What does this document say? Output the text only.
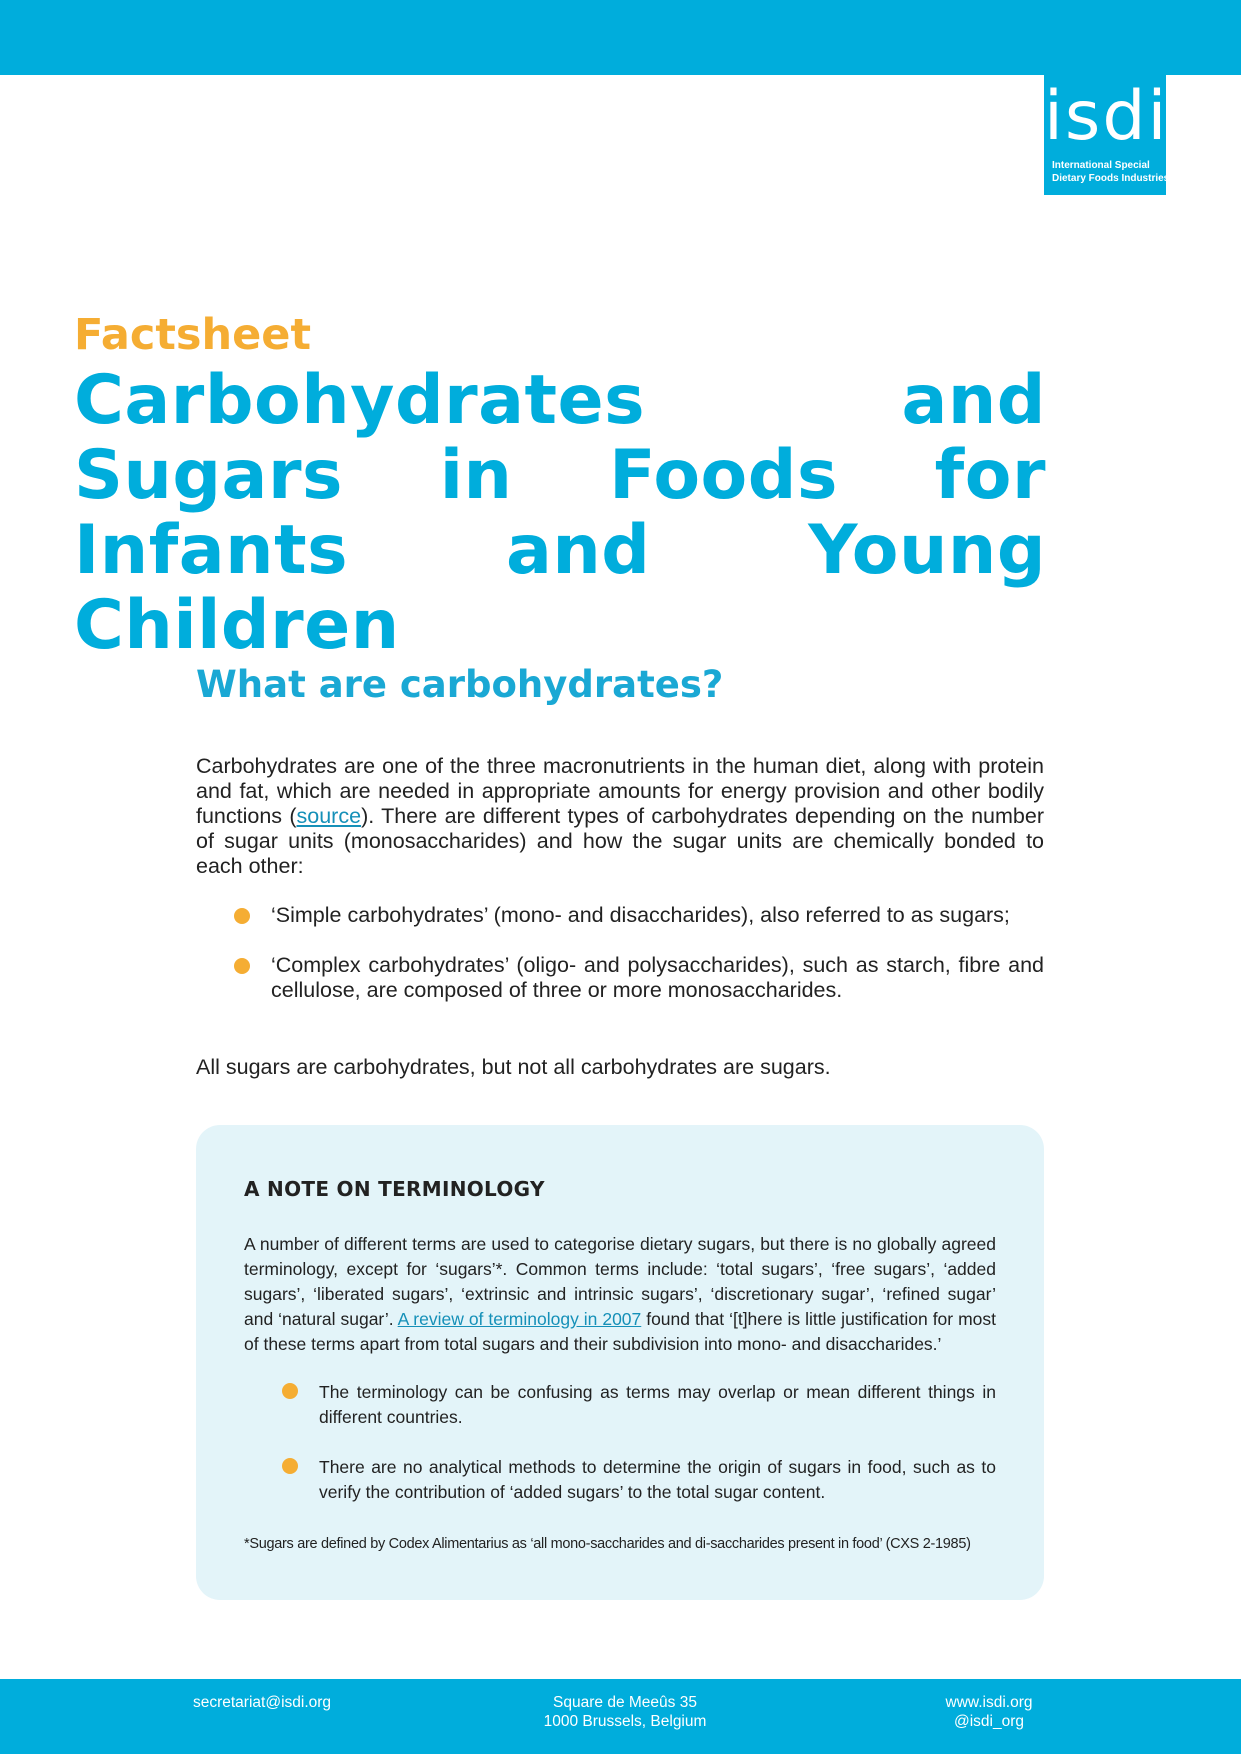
isdi
International Special
Dietary Foods Industries

Factsheet

Carbohydrates and Sugars in Foods for Infants and Young Children
What are carbohydrates?

Carbohydrates are one of the three macronutrients in the human diet, along with protein and fat, which are needed in appropriate amounts for energy provision and other bodily functions (source). There are different types of carbohydrates depending on the number of sugar units (monosaccharides) and how the sugar units are chemically bonded to each other:

‘Simple carbohydrates’ (mono- and disaccharides), also referred to as sugars;
‘Complex carbohydrates’ (oligo- and polysaccharides), such as starch, fibre and cellulose, are composed of three or more monosaccharides.

All sugars are carbohydrates, but not all carbohydrates are sugars.

A NOTE ON TERMINOLOGY

A number of different terms are used to categorise dietary sugars, but there is no globally agreed terminology, except for ‘sugars’*. Common terms include: ‘total sugars’, ‘free sugars’, ‘added sugars’, ‘liberated sugars’, ‘extrinsic and intrinsic sugars’, ‘discretionary sugar’, ‘refined sugar’ and ‘natural sugar’. A review of terminology in 2007 found that ‘[t]here is little justification for most of these terms apart from total sugars and their subdivision into mono- and disaccharides.’

The terminology can be confusing as terms may overlap or mean different things in different countries.
There are no analytical methods to determine the origin of sugars in food, such as to verify the contribution of ‘added sugars’ to the total sugar content.

*Sugars are defined by Codex Alimentarius as ‘all mono-saccharides and di-saccharides present in food’ (CXS 2-1985)

secretariat@isdi.org	Square de Meeûs 35
1000 Brussels, Belgium
www.isdi.org
@isdi_org
